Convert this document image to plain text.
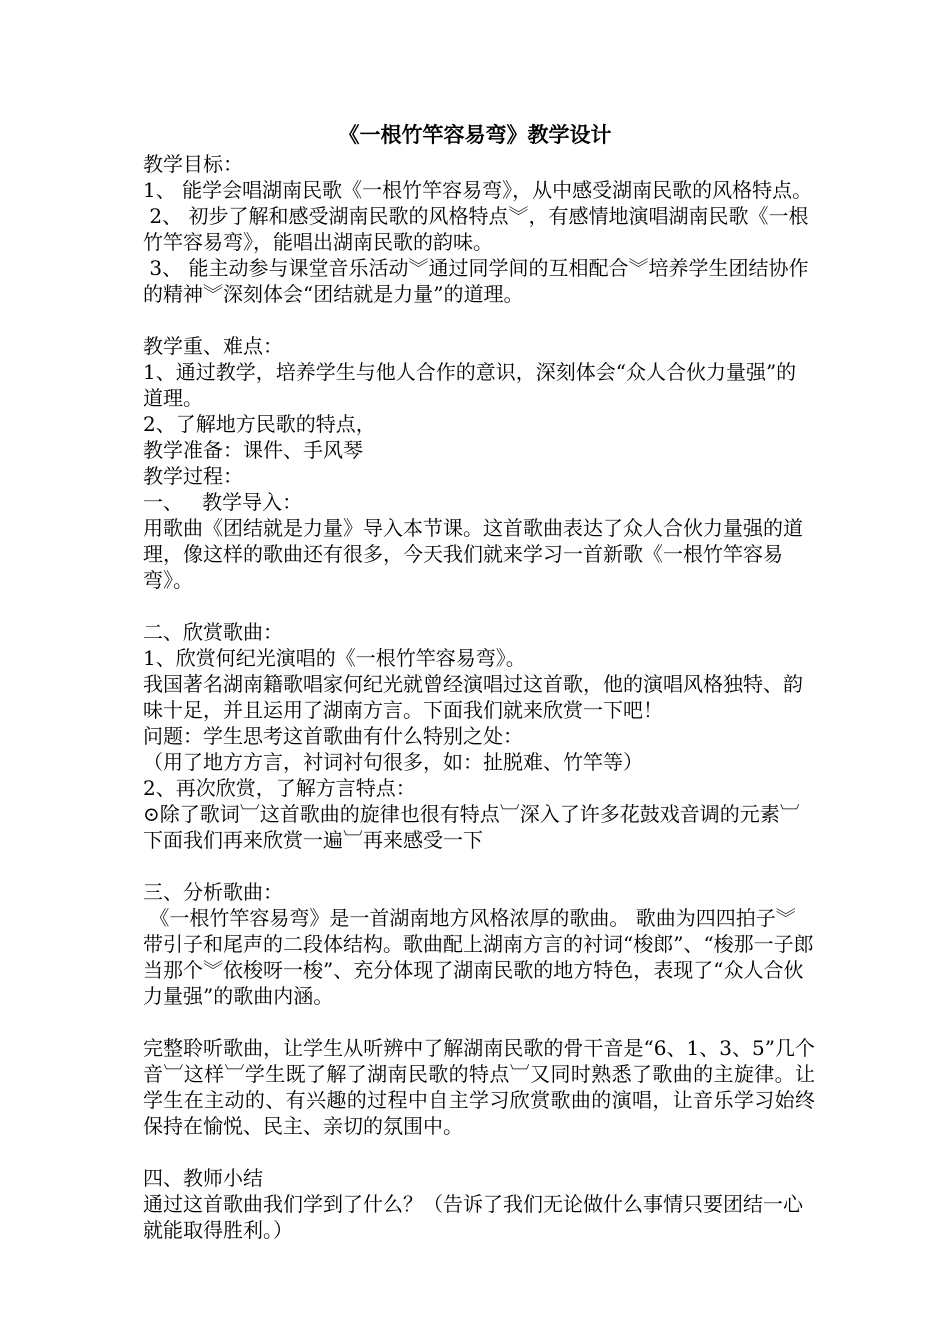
《一根竹竿容易弯》教学设计

教学目标：

1、 能学会唱湖南民歌《一根竹竿容易弯》，从中感受湖南民歌的风格特点。

2、 初步了解和感受湖南民歌的风格特点︾，有感情地演唱湖南民歌《一根竹竿容易弯》，能唱出湖南民歌的韵味。

3、 能主动参与课堂音乐活动︾通过同学间的互相配合︾培养学生团结协作的精神︾深刻体会“团结就是力量”的道理。

教学重、难点：

1、通过教学，培养学生与他人合作的意识，深刻体会“众人合伙力量强”的道理。

2、了解地方民歌的特点，

教学准备：课件、手风琴

教学过程：

一、   教学导入：

用歌曲《团结就是力量》导入本节课。这首歌曲表达了众人合伙力量强的道理，像这样的歌曲还有很多，今天我们就来学习一首新歌《一根竹竿容易弯》。

二、欣赏歌曲：

1、欣赏何纪光演唱的《一根竹竿容易弯》。

我国著名湖南籍歌唱家何纪光就曾经演唱过这首歌，他的演唱风格独特、韵味十足，并且运用了湖南方言。下面我们就来欣赏一下吧！

问题：学生思考这首歌曲有什么特别之处：

（用了地方方言，衬词衬句很多，如：扯脱难、竹竿等）

2、再次欣赏，了解方言特点：

⊙除了歌词︺这首歌曲的旋律也很有特点︺深入了许多花鼓戏音调的元素︺下面我们再来欣赏一遍︺再来感受一下

三、分析歌曲：

《一根竹竿容易弯》是一首湖南地方风格浓厚的歌曲。 歌曲为四四拍子︾带引子和尾声的二段体结构。歌曲配上湖南方言的衬词“梭郎”、“梭那一子郎当那个︾依梭呀一梭”、充分体现了湖南民歌的地方特色，表现了“众人合伙力量强”的歌曲内涵。

完整聆听歌曲，让学生从听辨中了解湖南民歌的骨干音是“6、1、3、5”几个音︺这样︺学生既了解了湖南民歌的特点︺又同时熟悉了歌曲的主旋律。让学生在主动的、有兴趣的过程中自主学习欣赏歌曲的演唱，让音乐学习始终保持在愉悦、民主、亲切的氛围中。

四、教师小结

通过这首歌曲我们学到了什么？（告诉了我们无论做什么事情只要团结一心就能取得胜利。）
